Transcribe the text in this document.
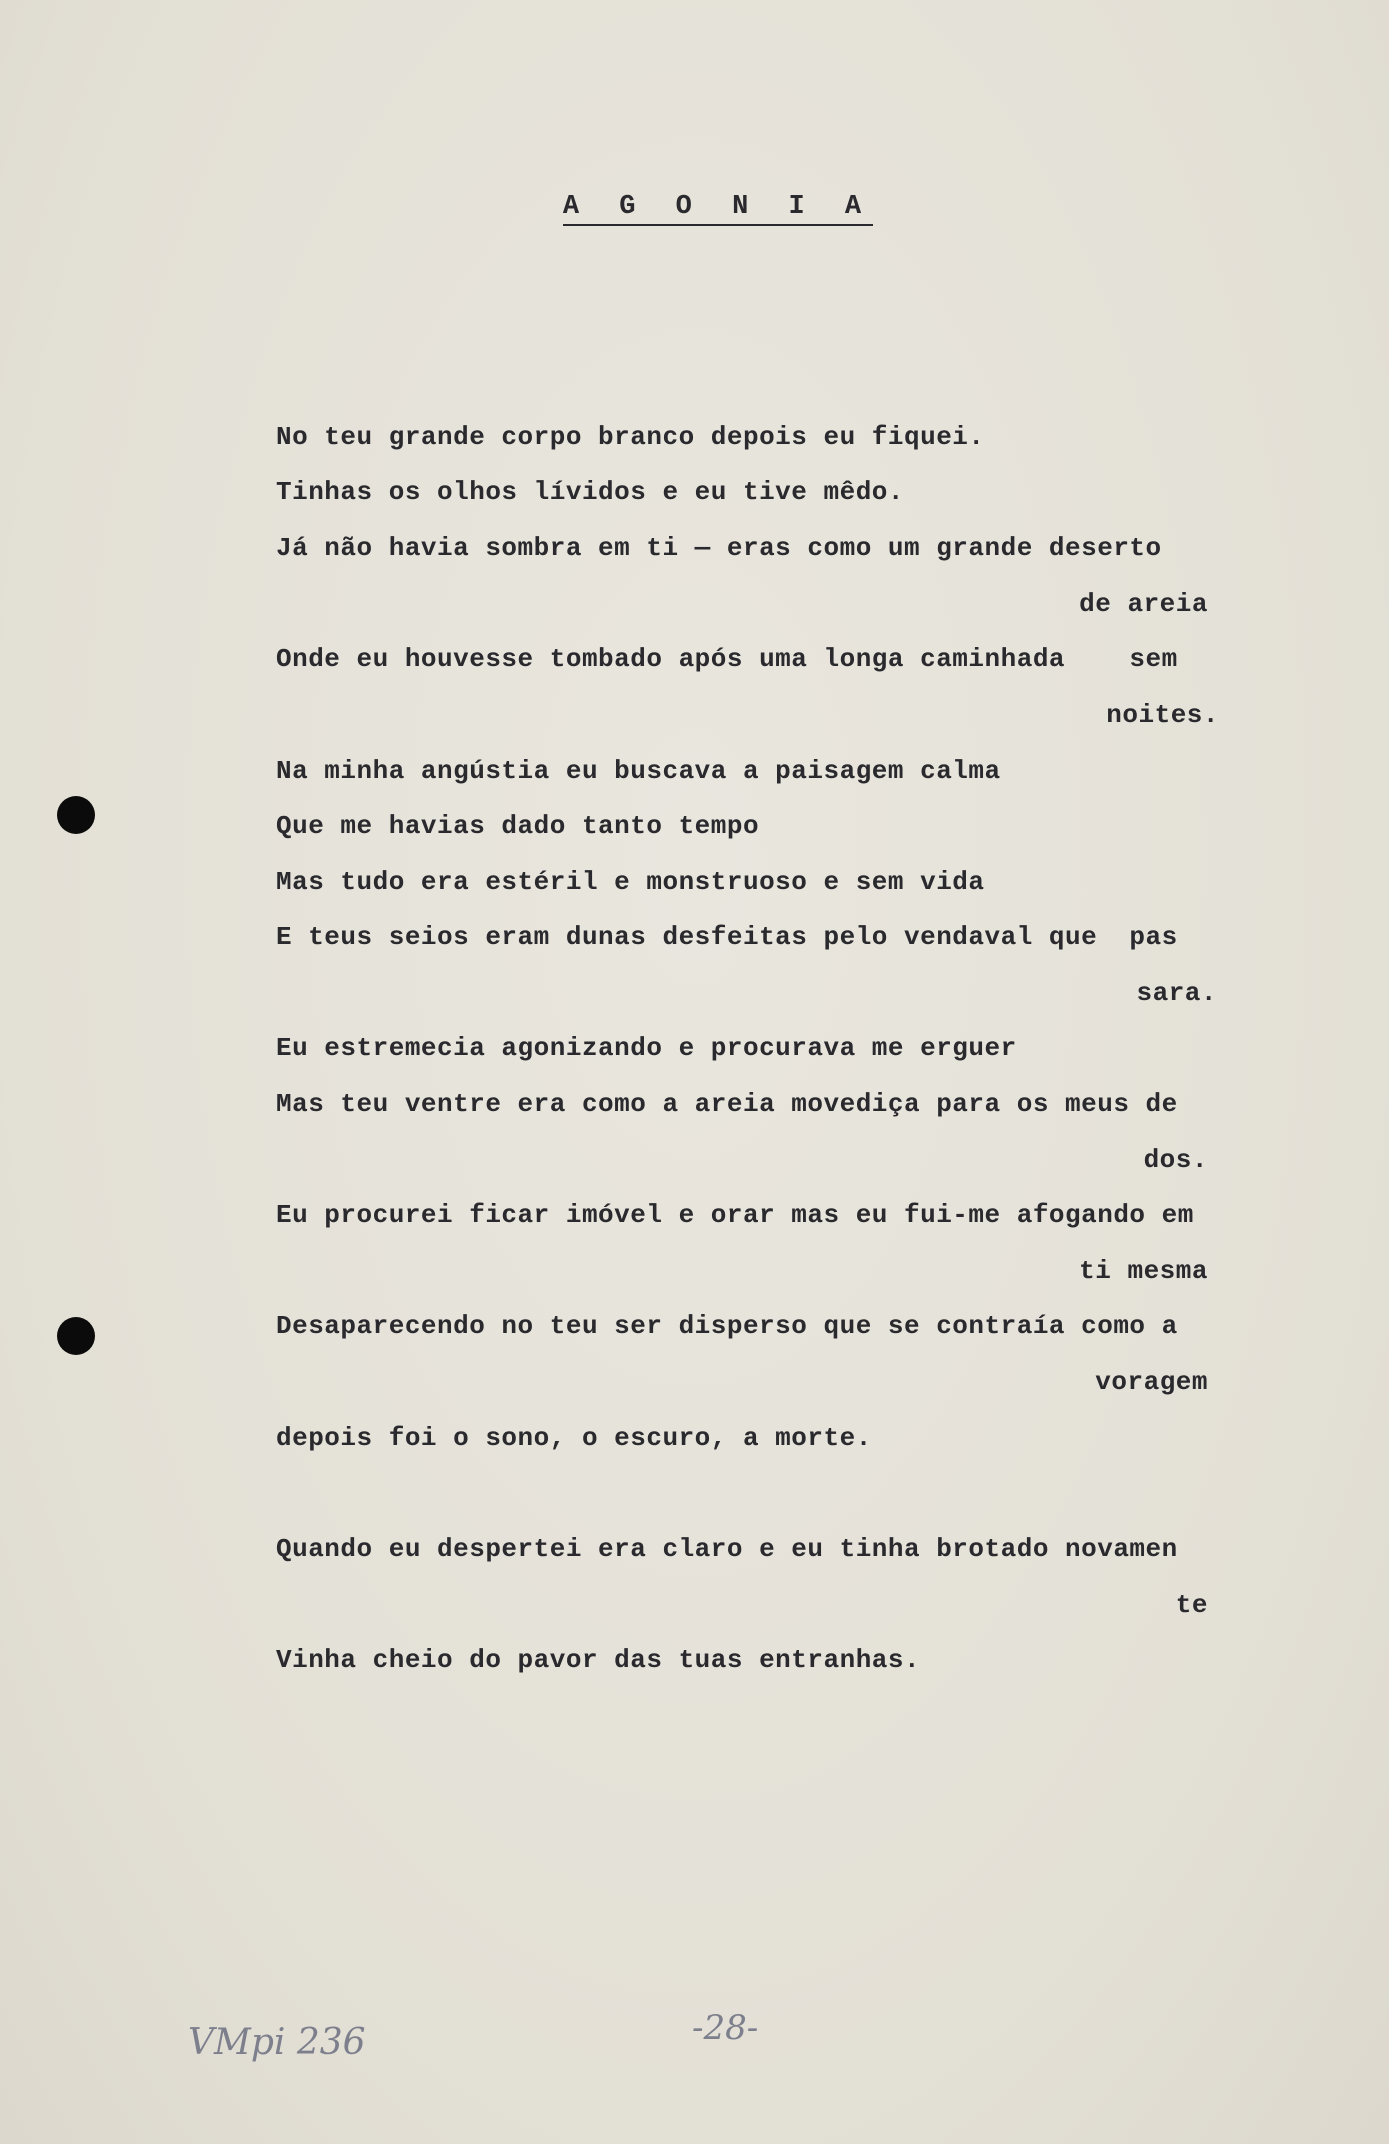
A G O N I A
No teu grande corpo branco depois eu fiquei.
Tinhas os olhos lívidos e eu tive mêdo.
Já não havia sombra em ti — eras como um grande deserto
de areia
Onde eu houvesse tombado após uma longa caminhada    sem
noites.
Na minha angústia eu buscava a paisagem calma
Que me havias dado tanto tempo
Mas tudo era estéril e monstruoso e sem vida
E teus seios eram dunas desfeitas pelo vendaval que  pas
sara.
Eu estremecia agonizando e procurava me erguer
Mas teu ventre era como a areia movediça para os meus de
dos.
Eu procurei ficar imóvel e orar mas eu fui-me afogando em
ti mesma
Desaparecendo no teu ser disperso que se contraía como a
voragem
depois foi o sono, o escuro, a morte.
Quando eu despertei era claro e eu tinha brotado novamen
te
Vinha cheio do pavor das tuas entranhas.
VMpi 236	-28-
